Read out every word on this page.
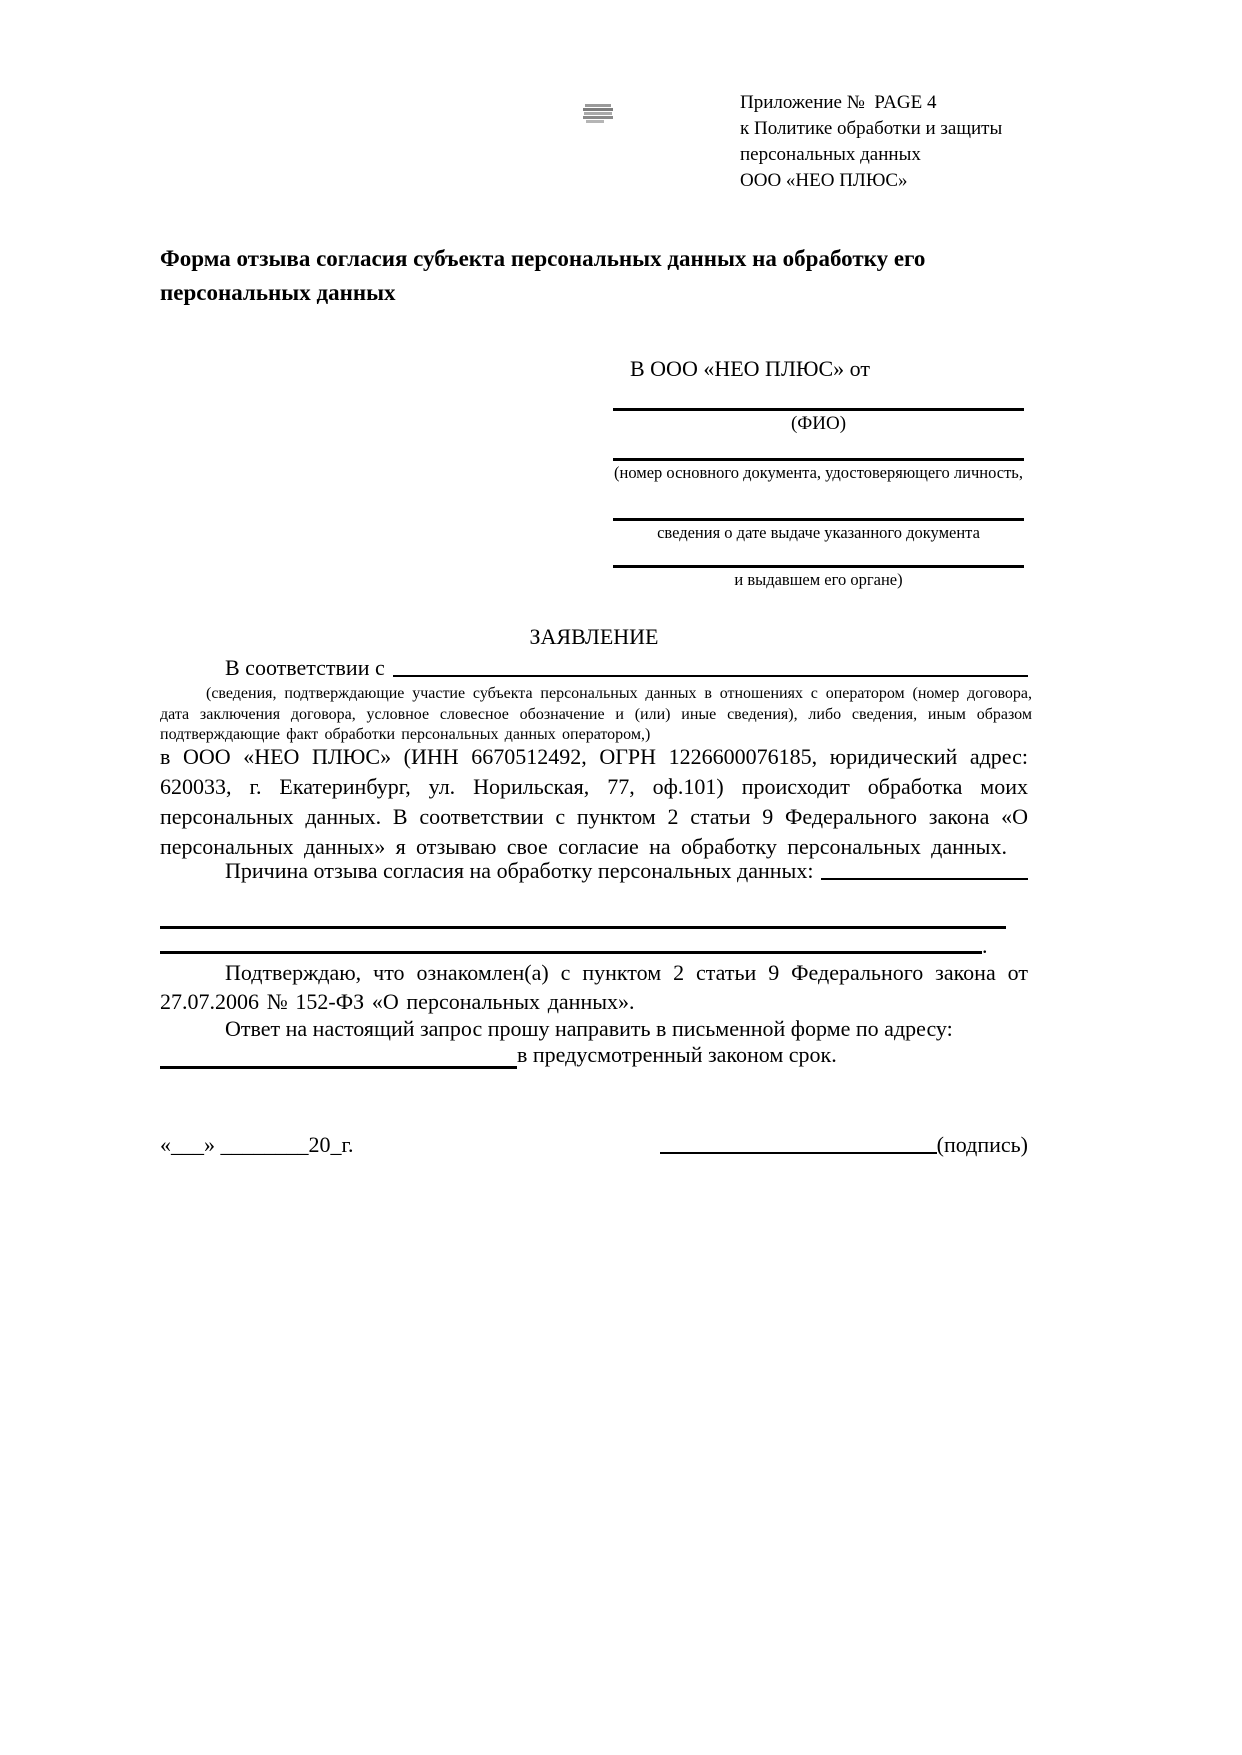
Приложение №  PAGE 4
к Политике обработки и защиты
персональных данных
ООО «НЕО ПЛЮС»
Форма отзыва согласия субъекта персональных данных на обработку его персональных данных
В ООО «НЕО ПЛЮС» от
(ФИО)
(номер основного документа, удостоверяющего личность,
сведения о дате выдаче указанного документа
и выдавшем его органе)
ЗАЯВЛЕНИЕ
В соответствии с
(сведения, подтверждающие участие субъекта персональных данных в отношениях с оператором (номер договора, дата заключения договора, условное словесное обозначение и (или) иные сведения), либо сведения, иным образом подтверждающие факт обработки персональных данных оператором,)
в ООО «НЕО ПЛЮС» (ИНН 6670512492, ОГРН 1226600076185, юридический адрес: 620033, г. Екатеринбург, ул. Норильская, 77, оф.101) происходит обработка моих персональных данных. В соответствии с пунктом 2 статьи 9 Федерального закона «О персональных данных» я отзываю свое согласие на обработку персональных данных.
Причина отзыва согласия на обработку персональных данных:
.
Подтверждаю, что ознакомлен(а) с пунктом 2 статьи 9 Федерального закона от 27.07.2006 № 152-ФЗ «О персональных данных».
Ответ на настоящий запрос прошу направить в письменной форме по адресу:
в предусмотренный законом срок.
«___» ________20_г.	(подпись)
